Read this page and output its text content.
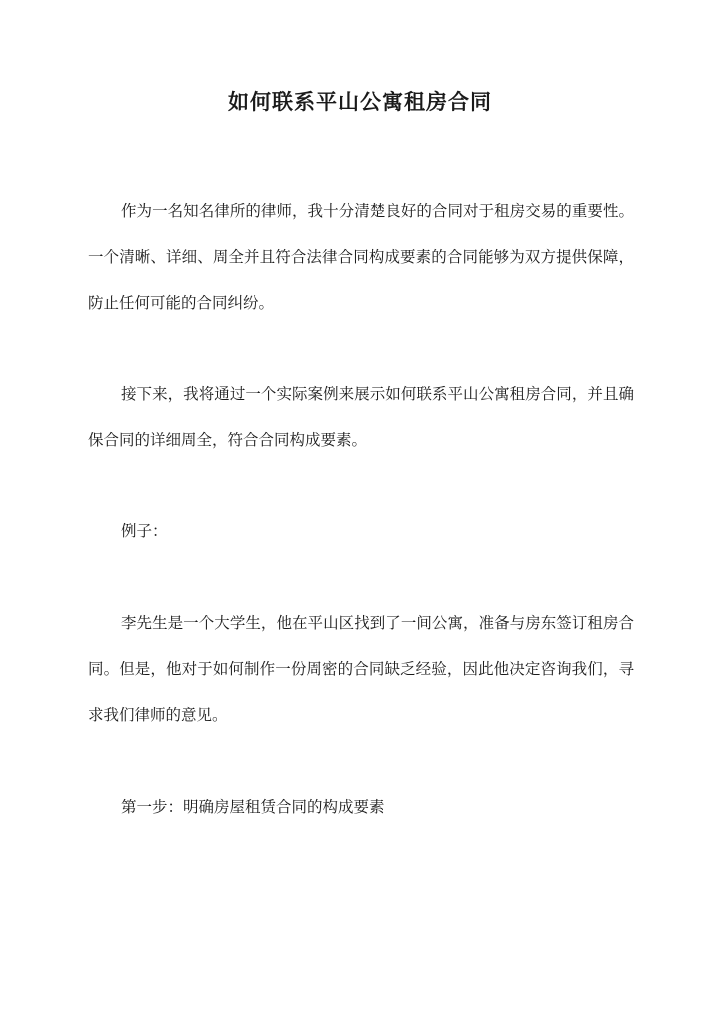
如何联系平山公寓租房合同

作为一名知名律所的律师，我十分清楚良好的合同对于租房交易的重要性。一个清晰、详细、周全并且符合法律合同构成要素的合同能够为双方提供保障，防止任何可能的合同纠纷。

接下来，我将通过一个实际案例来展示如何联系平山公寓租房合同，并且确保合同的详细周全，符合合同构成要素。

例子：

李先生是一个大学生，他在平山区找到了一间公寓，准备与房东签订租房合同。但是，他对于如何制作一份周密的合同缺乏经验，因此他决定咨询我们，寻求我们律师的意见。

第一步：明确房屋租赁合同的构成要素
